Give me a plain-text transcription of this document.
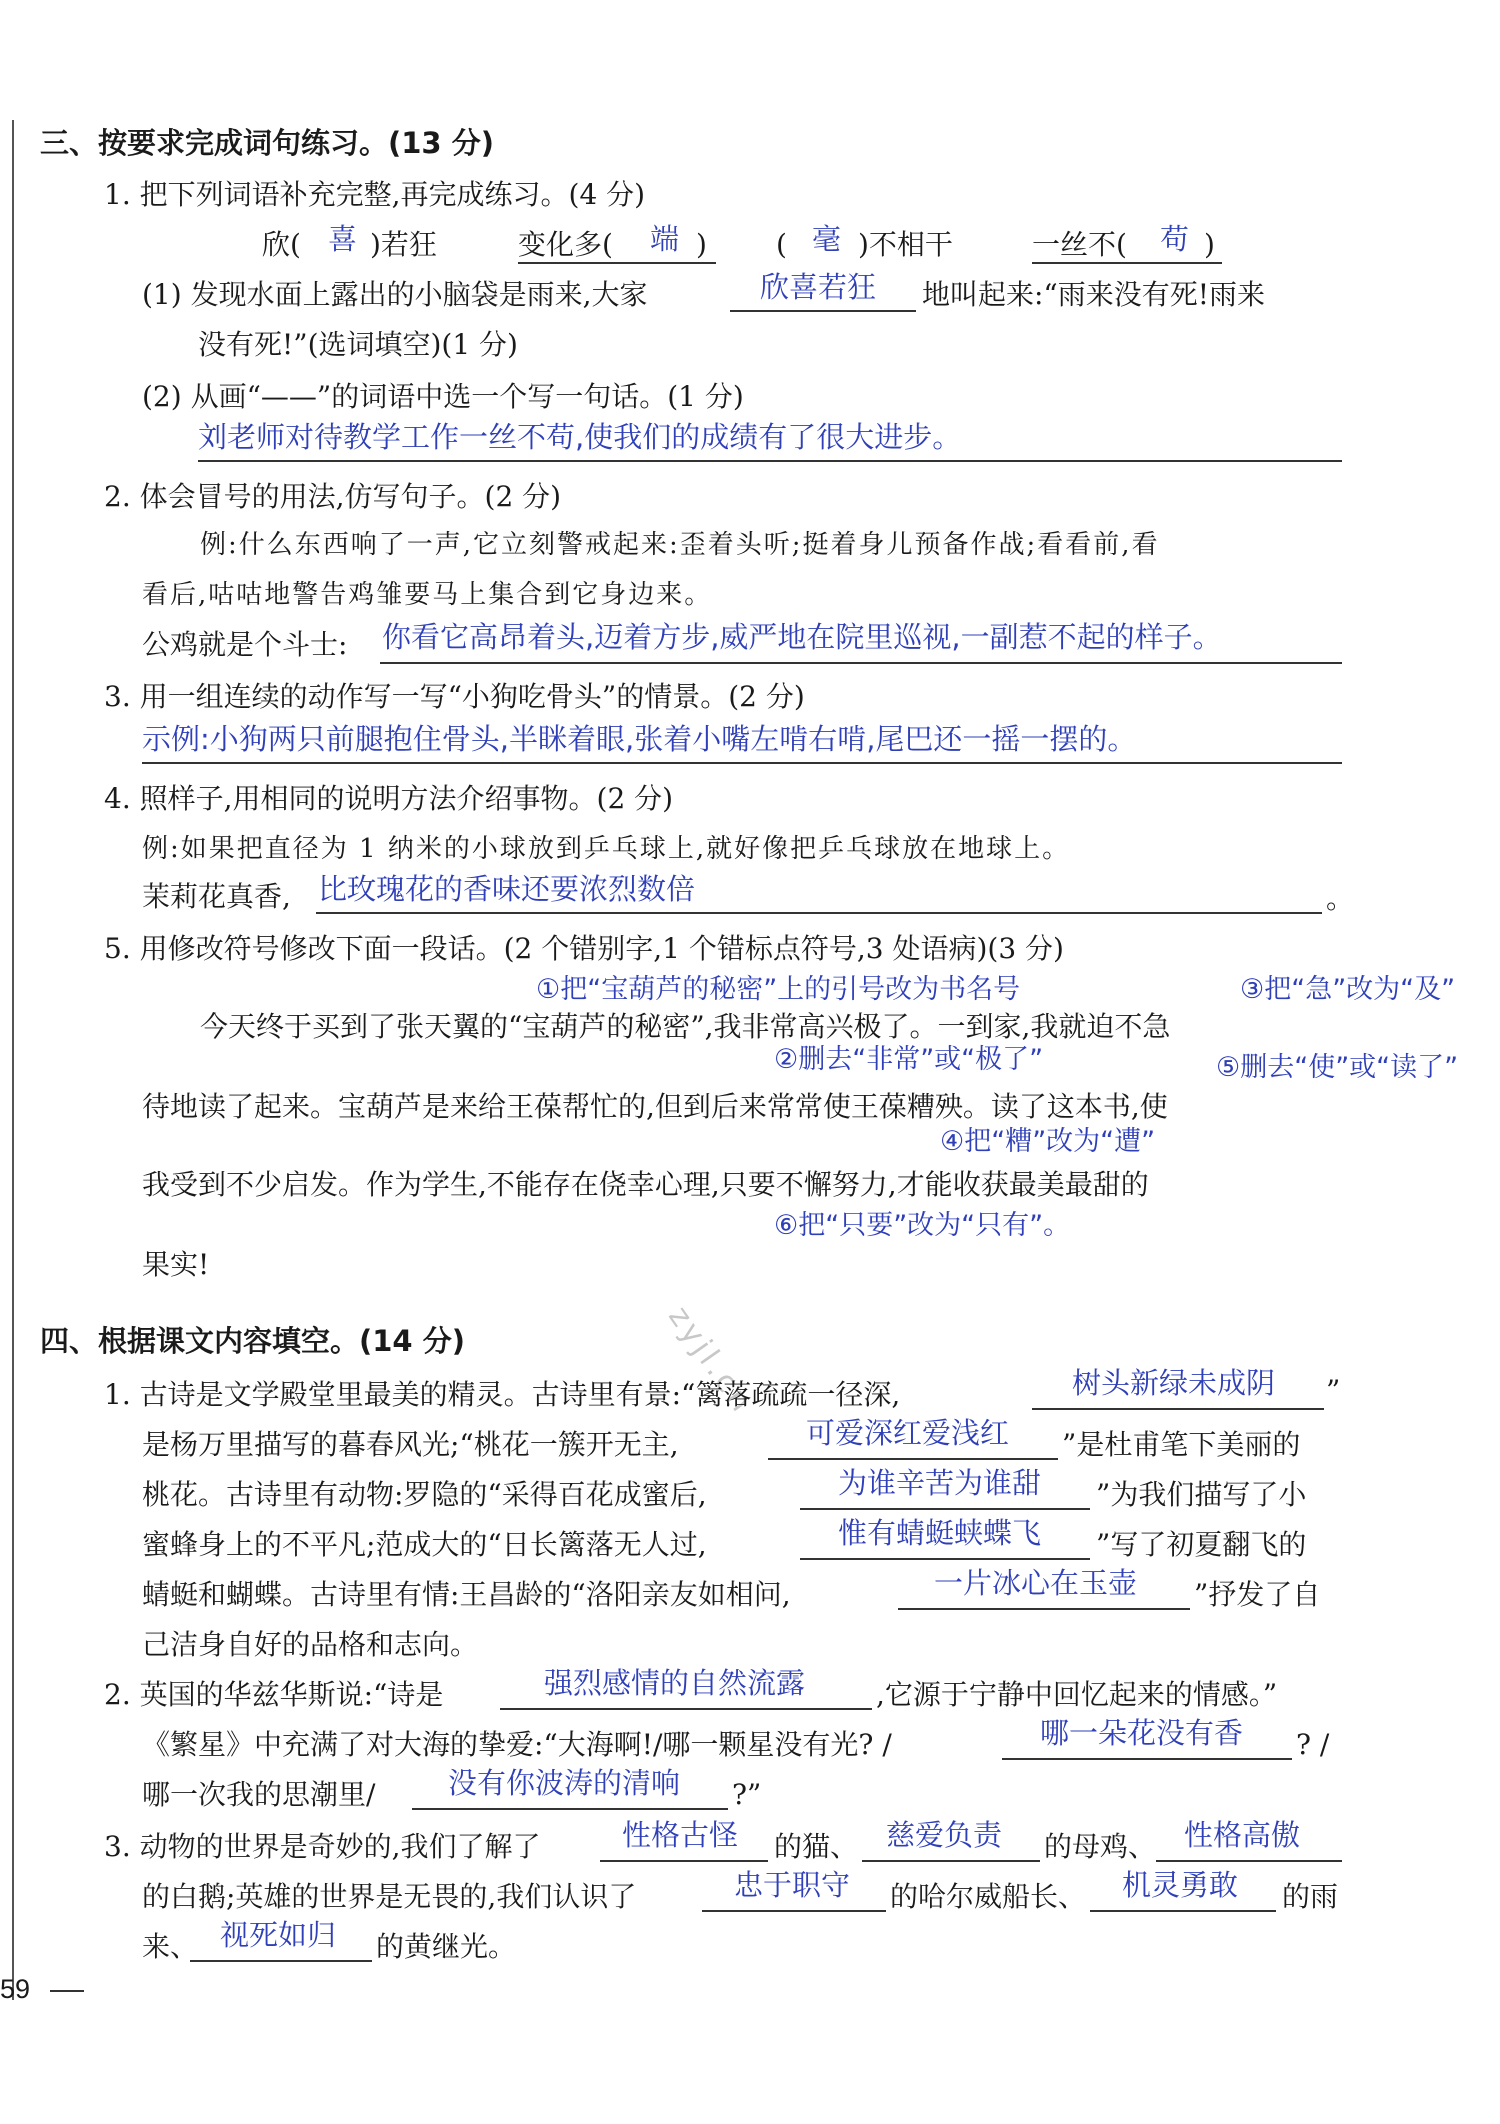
三、按要求完成词句练习。(13 分)
1. 把下列词语补充完整,再完成练习。(4 分)
欣( 喜 )若狂	变化多( 端 ) ( 毫 )不相干	一丝不( 苟 )
(1) 发现水面上露出的小脑袋是雨来,大家	欣喜若狂 地叫起来:“雨来没有死!雨来
没有死!”(选词填空)(1 分)
(2) 从画“——”的词语中选一个写一句话。(1 分)
刘老师对待教学工作一丝不苟,使我们的成绩有了很大进步。
2. 体会冒号的用法,仿写句子。(2 分)
例:什么东西响了一声,它立刻警戒起来:歪着头听;挺着身儿预备作战;看看前,看
看后,咕咕地警告鸡雏要马上集合到它身边来。
公鸡就是个斗士: 你看它高昂着头,迈着方步,威严地在院里巡视,一副惹不起的样子。
3. 用一组连续的动作写一写“小狗吃骨头”的情景。(2 分)
示例:小狗两只前腿抱住骨头,半眯着眼,张着小嘴左啃右啃,尾巴还一摇一摆的。
4. 照样子,用相同的说明方法介绍事物。(2 分)
例:如果把直径为 1 纳米的小球放到乒乓球上,就好像把乒乓球放在地球上。
茉莉花真香, 比玫瑰花的香味还要浓烈数倍	。
5. 用修改符号修改下面一段话。(2 个错别字,1 个错标点符号,3 处语病)(3 分)
①把“宝葫芦的秘密”上的引号改为书名号	③把“急”改为“及”
今天终于买到了张天翼的“宝葫芦的秘密”,我非常高兴极了。一到家,我就迫不急
②删去“非常”或“极了”	⑤删去“使”或“读了”
待地读了起来。宝葫芦是来给王葆帮忙的,但到后来常常使王葆糟殃。读了这本书,使
④把“糟”改为“遭”
我受到不少启发。作为学生,不能存在侥幸心理,只要不懈努力,才能收获最美最甜的
⑥把“只要”改为“只有”。
果实!
zyjl.cn
四、根据课文内容填空。(14 分)
1. 古诗是文学殿堂里最美的精灵。古诗里有景:“篱落疏疏一径深,	树头新绿未成阴 ”
是杨万里描写的暮春风光;“桃花一簇开无主,	可爱深红爱浅红 ”是杜甫笔下美丽的
桃花。古诗里有动物:罗隐的“采得百花成蜜后,	为谁辛苦为谁甜 ”为我们描写了小
蜜蜂身上的不平凡;范成大的“日长篱落无人过,	惟有蜻蜓蛱蝶飞 ”写了初夏翻飞的
蜻蜓和蝴蝶。古诗里有情:王昌龄的“洛阳亲友如相问,	一片冰心在玉壶 ”抒发了自
己洁身自好的品格和志向。
2. 英国的华兹华斯说:“诗是	强烈感情的自然流露	,它源于宁静中回忆起来的情感。”
《繁星》中充满了对大海的挚爱:“大海啊!/哪一颗星没有光? /	哪一朵花没有香 ? /
哪一次我的思潮里/	没有你波涛的清响 ?”
3. 动物的世界是奇妙的,我们了解了	性格古怪 的猫、 慈爱负责 的母鸡、 性格高傲
的白鹅;英雄的世界是无畏的,我们认识了	忠于职守 的哈尔威船长、 机灵勇敢 的雨
来、 视死如归 的黄继光。
59
